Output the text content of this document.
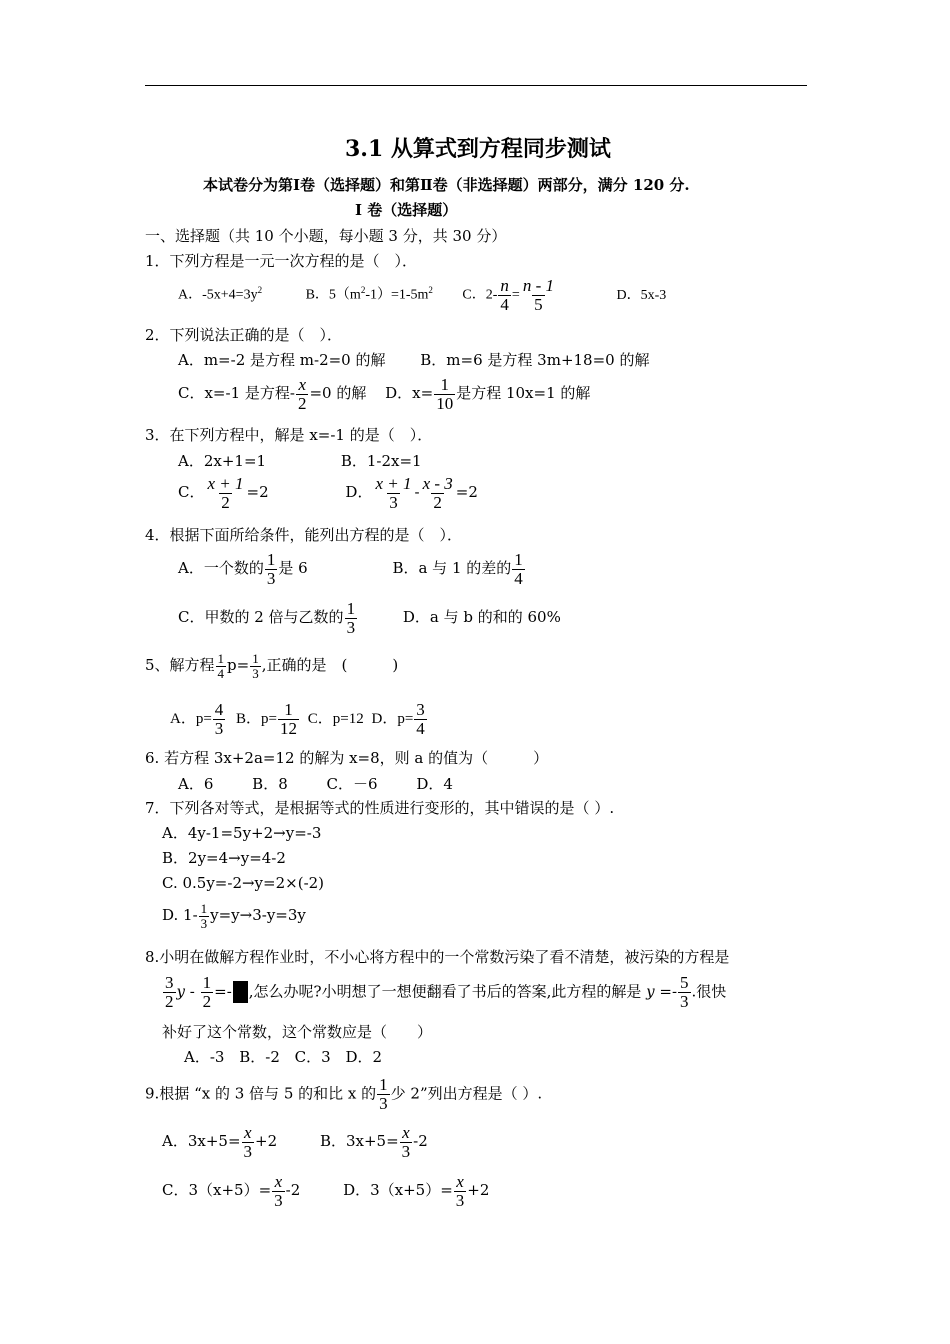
3.1 从算式到方程同步测试
本试卷分为第Ⅰ卷（选择题）和第Ⅱ卷（非选择题）两部分，满分 120 分.
Ⅰ 卷（选择题）
一、选择题（共 10 个小题，每小题 3 分，共 30 分）
1．下列方程是一元一次方程的是（　）．
A．$-5x+4=3y^2$	B．$5(m^2-1)=1-5m^2$ C．$2- \frac{n}{4} = \frac{n - 1}{5}$	D．5x-3
2．下列说法正确的是（　）．
A．m=-2 是方程 m-2=0 的解 B．m=6 是方程 3m+18=0 的解
C．x=-1 是方程- $\frac{x}{2} =0$ 的解 D．$x= \frac{1}{10}$ 是方程 10x=1 的解
3．在下列方程中，解是 x=-1 的是（　）．
A．2x+1=1	B．1-2x=1
C． $\frac{x + 1}{2} =2$	D． $\frac{x + 1}{3} - \frac{x - 3}{2} =2$
4．根据下面所给条件，能列出方程的是（　）．
A．一个数的 $\frac{1}{3}$ 是 6	B．a 与 1 的差的 $\frac{1}{4}$
C．甲数的 2 倍与乙数的 $\frac{1}{3}$	D．a 与 b 的和的 60%
5、解方程 $\frac{1}{4} p= \frac{1}{3}$ ,正确的是　(　　　)
A．$p= \frac{4}{3}$ B．$p= \frac{1}{12}$ C．p=12 D．$p= \frac{3}{4}$
6. 若方程 3x+2a=12 的解为 x=8，则 a 的值为（　　　）
A．6	B．8	C．－6	D．4
7．下列各对等式，是根据等式的性质进行变形的，其中错误的是（ ）.
A．4y-1=5y+2→y=-3
B．2y=4→y=4-2
C. 0.5y=-2→y=2×(-2)
D. $1- \frac{1}{3} y=y\to 3-y=3y$
8.小明在做解方程作业时，不小心将方程中的一个常数污染了看不清楚，被污染的方程是
$\frac{3}{2}$ y - $\frac{1}{2}$ =- ,怎么办呢?小明想了一想便翻看了书后的答案,此方程的解是 $y =- \frac{5}{3}$ .很快
补好了这个常数，这个常数应是（　　）
A．-3 B．-2 C．3 D．2
9.根据 “x 的 3 倍与 5 的和比 x 的 $\frac{1}{3}$ 少 2”列出方程是（ ）.
A．$3x+5= \frac{x}{3} +2$	B．$3x+5= \frac{x}{3} -2$
C．$3(x+5)= \frac{x}{3} -2$	D．$3(x+5)= \frac{x}{3} +2$
